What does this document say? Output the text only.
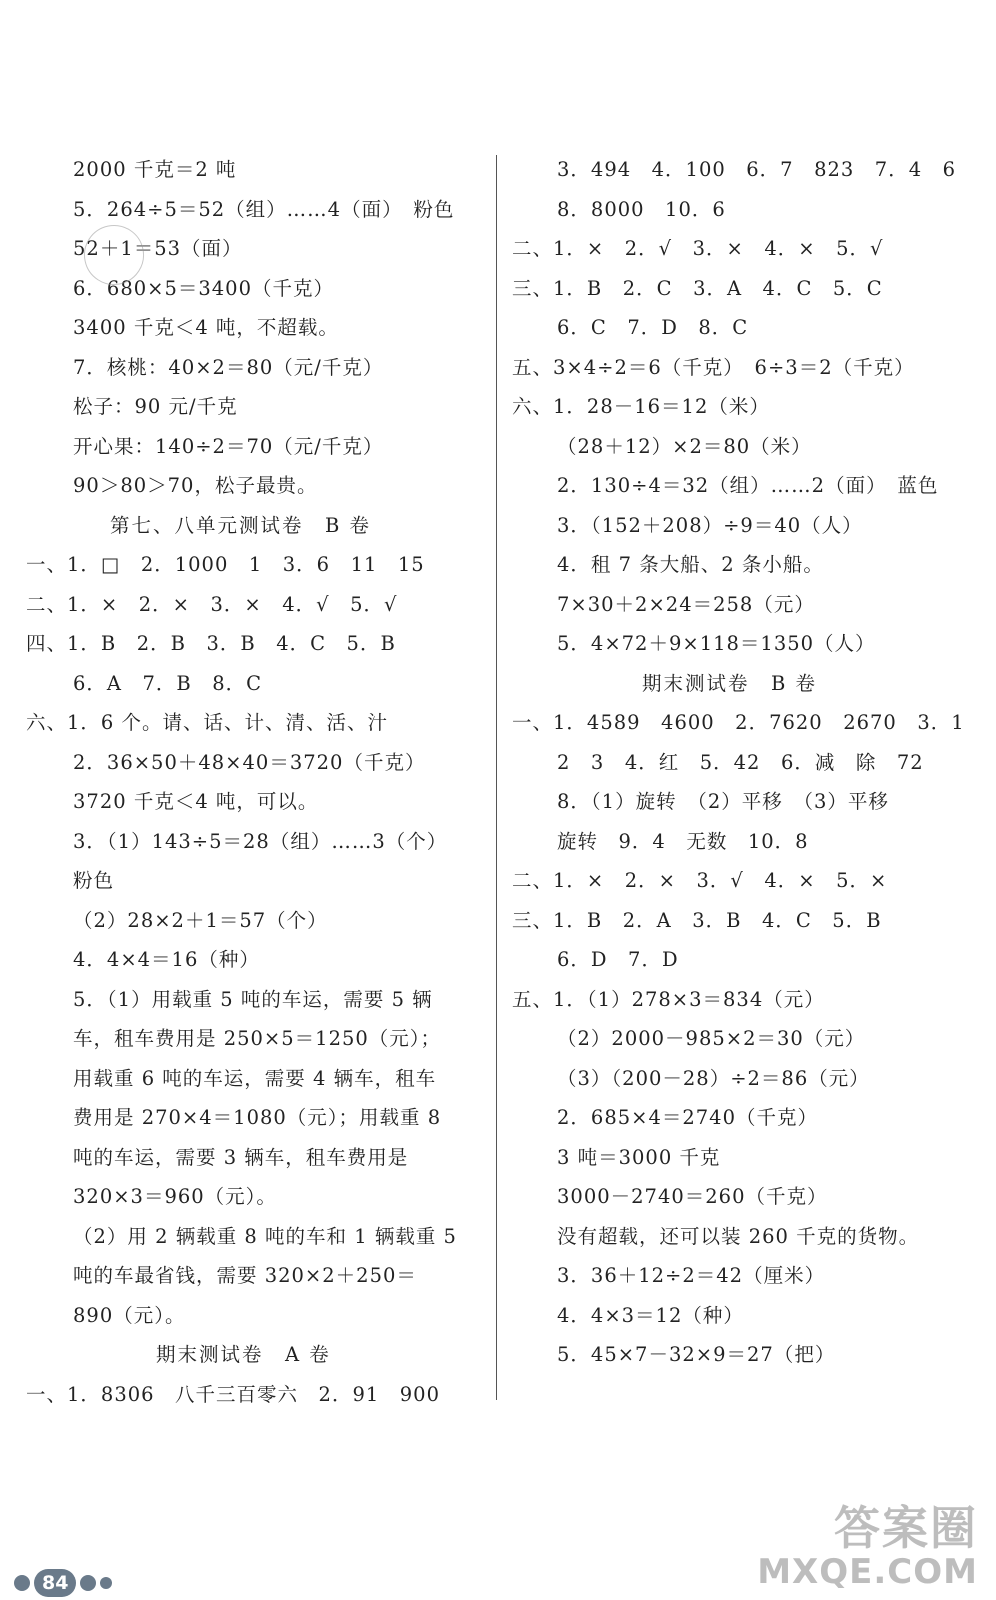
2000 千克＝2 吨
5．264÷5＝52（组）……4（面）　粉色
52＋1＝53（面）
6．680×5＝3400（千克）
3400 千克＜4 吨，不超载。
7．核桃：40×2＝80（元/千克）
松子：90 元/千克
开心果：140÷2＝70（元/千克）
90＞80＞70，松子最贵。
第七、八单元测试卷　B 卷
一、1．□　2．1000　1　3．6　11　15
二、1．×　2．×　3．×　4．√　5．√
四、1．B　2．B　3．B　4．C　5．B
6．A　7．B　8．C
六、1．6 个。请、话、计、清、活、汁
2．36×50＋48×40＝3720（千克）
3720 千克＜4 吨，可以。
3．（1）143÷5＝28（组）……3（个）
粉色
（2）28×2＋1＝57（个）
4．4×4＝16（种）
5．（1）用载重 5 吨的车运，需要 5 辆
车，租车费用是 250×5＝1250（元）；
用载重 6 吨的车运，需要 4 辆车，租车
费用是 270×4＝1080（元）；用载重 8
吨的车运，需要 3 辆车，租车费用是
320×3＝960（元）。
（2）用 2 辆载重 8 吨的车和 1 辆载重 5
吨的车最省钱，需要 320×2＋250＝
890（元）。
期末测试卷　A 卷
一、1．8306　八千三百零六　2．91　900
3．494　4．100　6．7　823　7．4　6
8．8000　10．6
二、1．×　2．√　3．×　4．×　5．√
三、1．B　2．C　3．A　4．C　5．C
6．C　7．D　8．C
五、3×4÷2＝6（千克）　6÷3＝2（千克）
六、1．28－16＝12（米）
（28＋12）×2＝80（米）
2．130÷4＝32（组）……2（面）　蓝色
3．（152＋208）÷9＝40（人）
4．租 7 条大船、2 条小船。
7×30＋2×24＝258（元）
5．4×72＋9×118＝1350（人）
期末测试卷　B 卷
一、1．4589　4600　2．7620　2670　3．1
2　3　4．红　5．42　6．减　除　72
8．（1）旋转　（2）平移　（3）平移
旋转　9．4　无数　10．8
二、1．×　2．×　3．√　4．×　5．×
三、1．B　2．A　3．B　4．C　5．B
6．D　7．D
五、1．（1）278×3＝834（元）
（2）2000－985×2＝30（元）
（3）（200－28）÷2＝86（元）
2．685×4＝2740（千克）
3 吨＝3000 千克
3000－2740＝260（千克）
没有超载，还可以装 260 千克的货物。
3．36＋12÷2＝42（厘米）
4．4×3＝12（种）
5．45×7－32×9＝27（把）
84
答案圈
MXQE.COM
